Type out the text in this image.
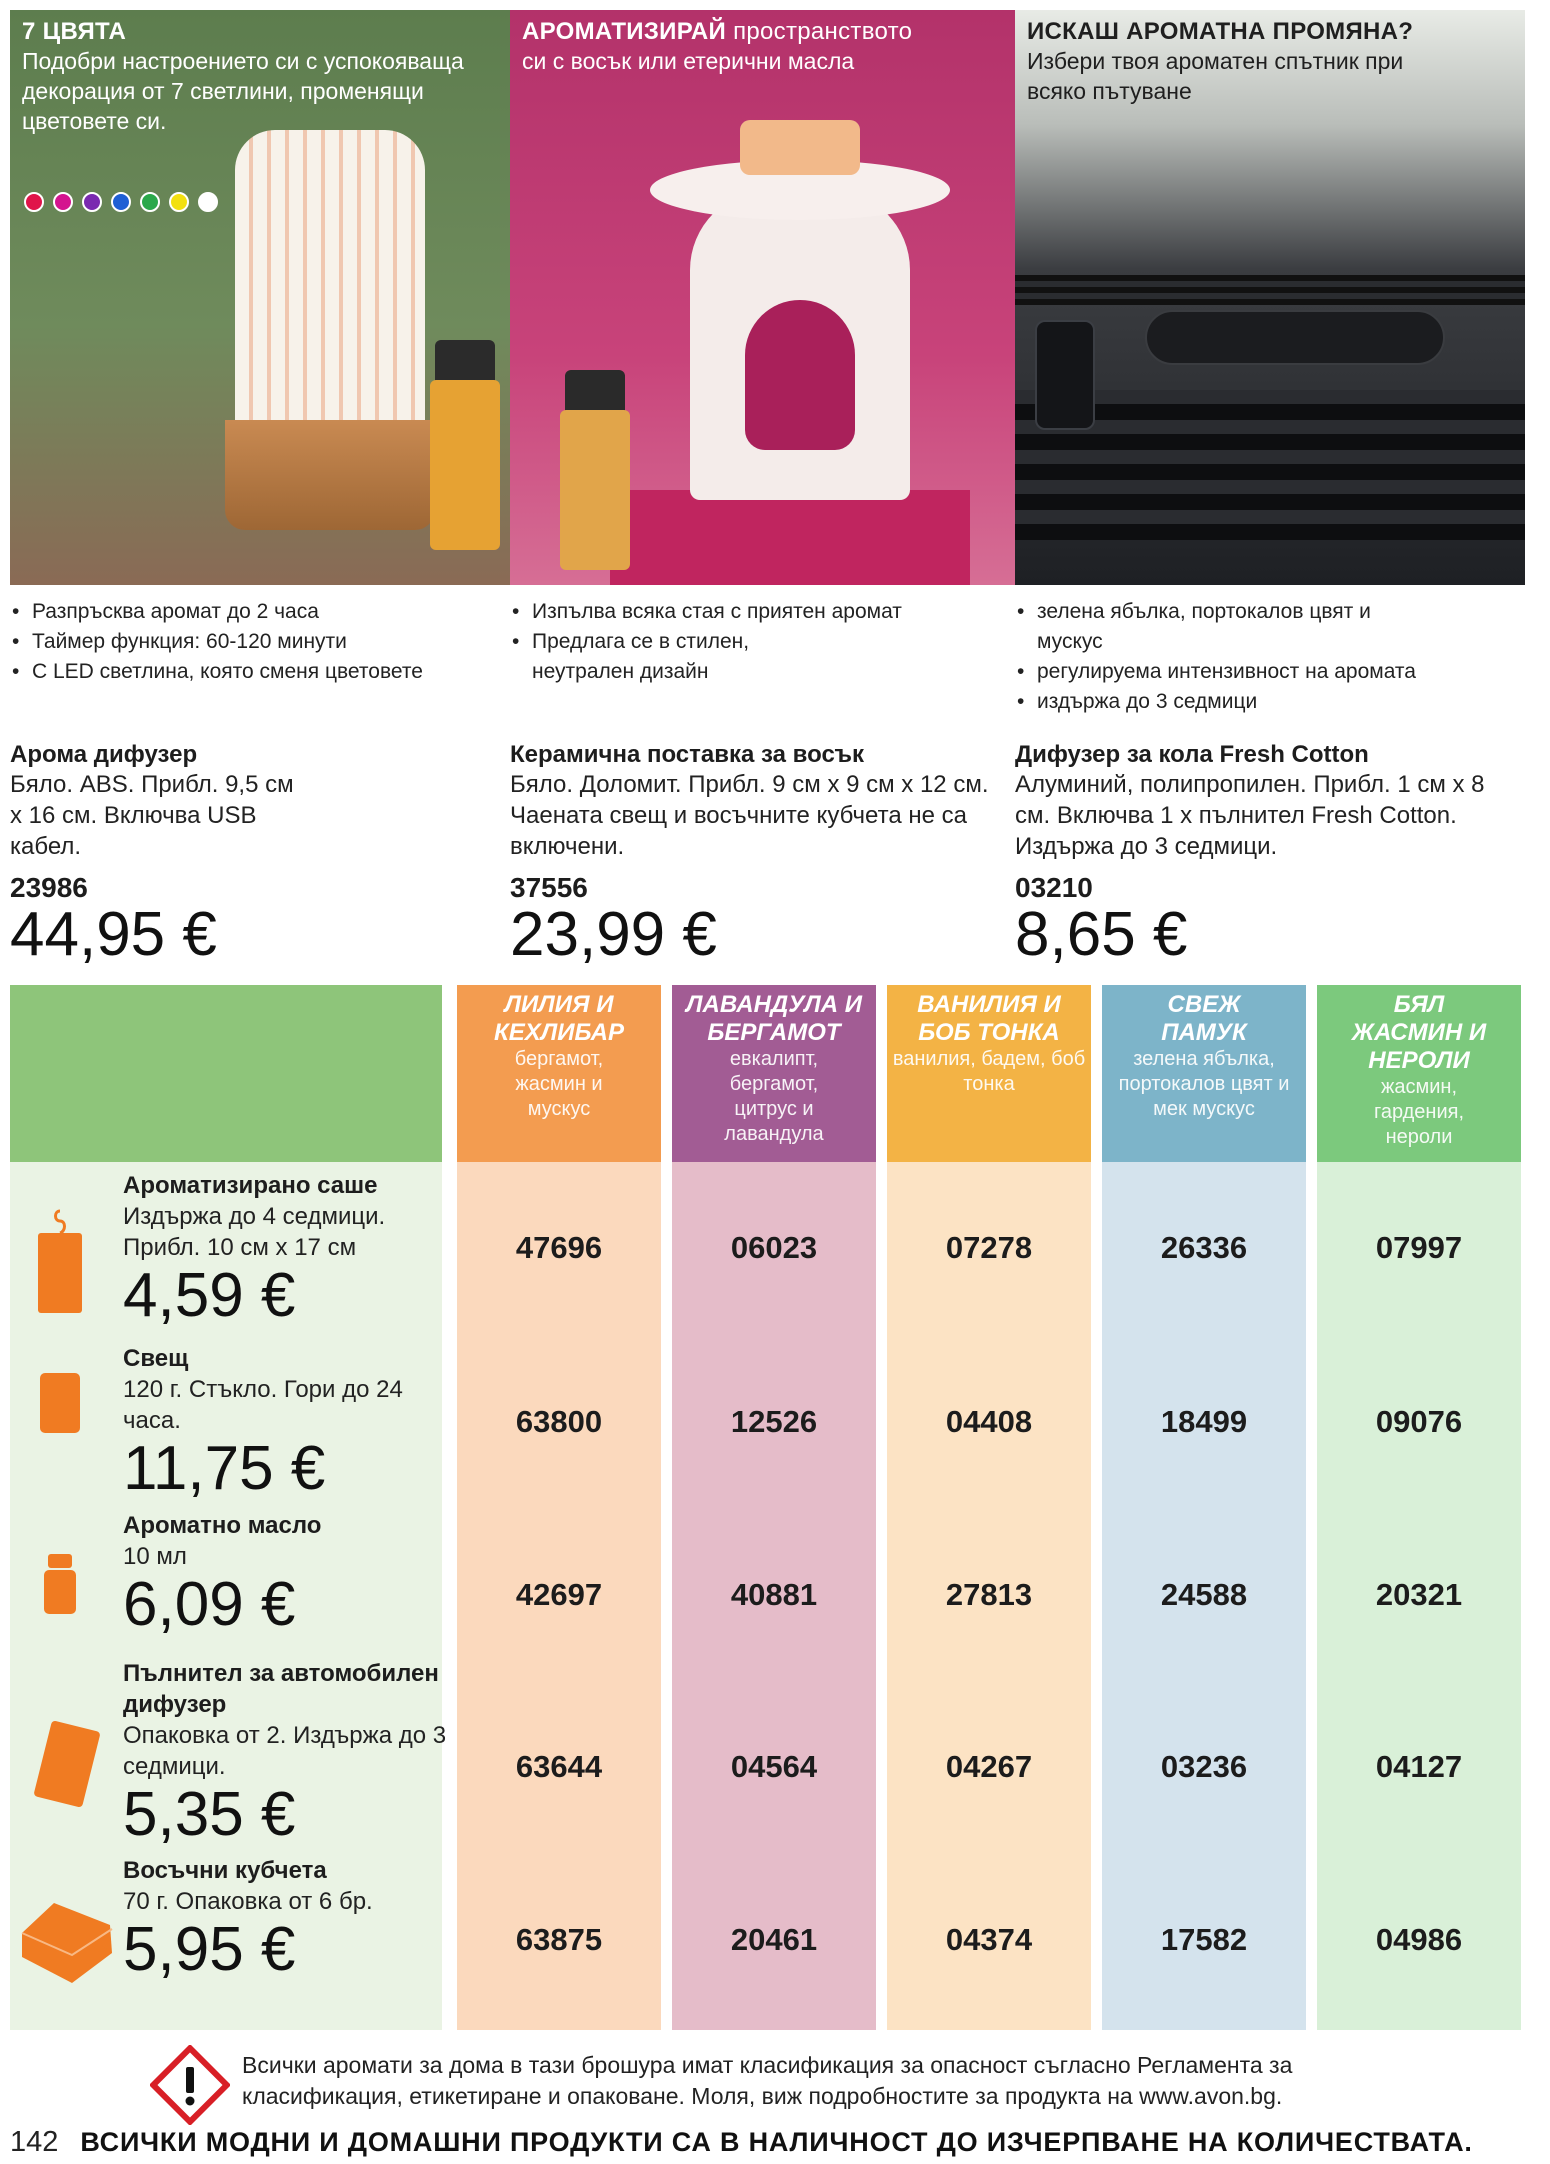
7 ЦВЯТА

Подобри настроението си с успокояваща декорация от 7 светлини, променящи цветовете си.

• Разпръсква аромат до 2 часа
• Таймер функция: 60-120 минути
• С LED светлина, която сменя цветовете
Арома дифузер
Бяло. ABS. Прибл. 9,5 см х 16 см. Включва USB кабел.
23986
44,95 €
АРОМАТИЗИРАЙ пространството

си с восък или етерични масла

• Изпълва всяка стая с приятен аромат
• Предлага се в стилен, неутрален дизайн
Керамична поставка за восък
Бяло. Доломит. Прибл. 9 см х 9 см х 12 см. Чаената свещ и восъчните кубчета не са включени.
37556
23,99 €
ИСКАШ АРОМАТНА ПРОМЯНА?

Избери твоя ароматен спътник при всяко пътуване

• зелена ябълка, портокалов цвят и мускус
• регулируема интензивност на аромата
• издържа до 3 седмици
Дифузер за кола Fresh Cotton
Алуминий, полипропилен. Прибл. 1 см х 8 см. Включва 1 х пълнител Fresh Cotton. Издържа до 3 седмици.
03210
8,65 €
Ароматизирано саше
Издържа до 4 седмици. Прибл. 10 см х 17 см
4,59 €
Свещ
120 г. Стъкло. Гори до 24 часа.
11,75 €
Ароматно масло
10 мл
6,09 €
Пълнител за автомобилен дифузер
Опаковка от 2. Издържа до 3 седмици.
5,35 €
Восъчни кубчета
70 г. Опаковка от 6 бр.
5,95 €
ЛИЛИЯ И КЕХЛИБАР
бергамот, жасмин и мускус
47696
63800
42697
63644
63875
ЛАВАНДУЛА И БЕРГАМОТ
евкалипт, бергамот, цитрус и лавандула
06023
12526
40881
04564
20461
ВАНИЛИЯ И БОБ ТОНКА
ванилия, бадем, боб тонка
07278
04408
27813
04267
04374
СВЕЖ ПАМУК
зелена ябълка, портокалов цвят и мек мускус
26336
18499
24588
03236
17582
БЯЛ ЖАСМИН И НЕРОЛИ
жасмин, гардения, нероли
07997
09076
20321
04127
04986
Всички аромати за дома в тази брошура имат класификация за опасност съгласно Регламента за класификация, етикетиране и опаковане. Моля, виж подробностите за продукта на www.avon.bg.
142 ВСИЧКИ МОДНИ И ДОМАШНИ ПРОДУКТИ СА В НАЛИЧНОСТ ДО ИЗЧЕРПВАНЕ НА КОЛИЧЕСТВАТА.
